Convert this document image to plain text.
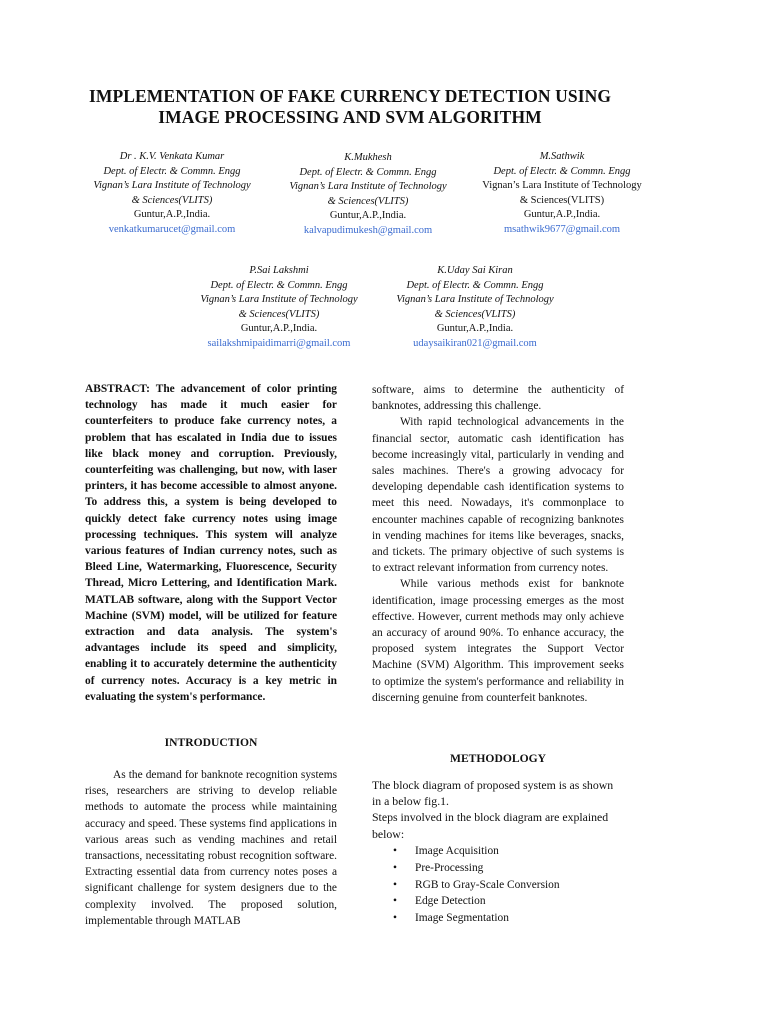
IMPLEMENTATION OF FAKE CURRENCY DETECTION USING
IMAGE PROCESSING AND SVM ALGORITHM
Dr . K.V. Venkata Kumar
Dept. of Electr. & Commn. Engg
Vignan’s Lara Institute of Technology
& Sciences(VLITS)
Guntur,A.P.,India.
venkatkumarucet@gmail.com
K.Mukhesh
Dept. of Electr. & Commn. Engg
Vignan’s Lara Institute of Technology
& Sciences(VLITS)
Guntur,A.P.,India.
kalvapudimukesh@gmail.com
M.Sathwik
Dept. of Electr. & Commn. Engg
Vignan’s Lara Institute of Technology
& Sciences(VLITS)
Guntur,A.P.,India.
msathwik9677@gmail.com
P.Sai Lakshmi
Dept. of Electr. & Commn. Engg
Vignan’s Lara Institute of Technology
& Sciences(VLITS)
Guntur,A.P.,India.
sailakshmipaidimarri@gmail.com
K.Uday Sai Kiran
Dept. of Electr. & Commn. Engg
Vignan’s Lara Institute of Technology
& Sciences(VLITS)
Guntur,A.P.,India.
udaysaikiran021@gmail.com

ABSTRACT: The advancement of color printing technology has made it much easier for counterfeiters to produce fake currency notes, a problem that has escalated in India due to issues like black money and corruption. Previously, counterfeiting was challenging, but now, with laser printers, it has become accessible to almost anyone. To address this, a system is being developed to quickly detect fake currency notes using image processing techniques. This system will analyze various features of Indian currency notes, such as Bleed Line, Watermarking, Fluorescence, Security Thread, Micro Lettering, and Identification Mark. MATLAB software, along with the Support Vector Machine (SVM) model, will be utilized for feature extraction and data analysis. The system's advantages include its speed and simplicity, enabling it to accurately determine the authenticity of currency notes. Accuracy is a key metric in evaluating the system's performance.

INTRODUCTION

As the demand for banknote recognition systems rises, researchers are striving to develop reliable methods to automate the process while maintaining accuracy and speed. These systems find applications in various areas such as vending machines and retail transactions, necessitating robust recognition software. Extracting essential data from currency notes poses a significant challenge for system designers due to the complexity involved. The proposed solution, implementable through MATLAB

software, aims to determine the authenticity of banknotes, addressing this challenge.

With rapid technological advancements in the financial sector, automatic cash identification has become increasingly vital, particularly in vending and sales machines. There's a growing advocacy for developing dependable cash identification systems to meet this need. Nowadays, it's commonplace to encounter machines capable of recognizing banknotes in vending machines for items like beverages, snacks, and tickets. The primary objective of such systems is to extract relevant information from currency notes.

While various methods exist for banknote identification, image processing emerges as the most effective. However, current methods may only achieve an accuracy of around 90%. To enhance accuracy, the proposed system integrates the Support Vector Machine (SVM) Algorithm. This improvement seeks to optimize the system's performance and reliability in discerning genuine from counterfeit banknotes.

METHODOLOGY

The block diagram of proposed system is as shown in a below fig.1.

Steps involved in the block diagram are explained below:

• Image Acquisition
• Pre-Processing
• RGB to Gray-Scale Conversion
• Edge Detection
• Image Segmentation
